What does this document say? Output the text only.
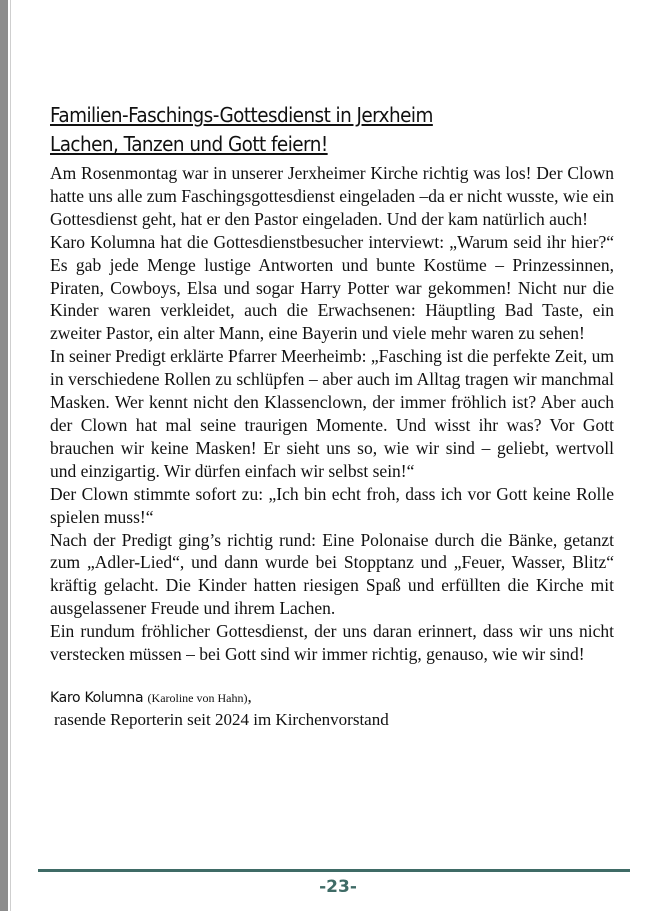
Familien-Faschings-Gottesdienst in Jerxheim
Lachen, Tanzen und Gott feiern!

Am Rosenmontag war in unserer Jerxheimer Kirche richtig was los! Der Clown hatte uns alle zum Faschingsgottesdienst eingeladen –da er nicht wusste, wie ein Gottesdienst geht, hat er den Pastor eingeladen. Und der kam natürlich auch!

Karo Kolumna hat die Gottesdienstbesucher interviewt: „Warum seid ihr hier?“ Es gab jede Menge lustige Antworten und bunte Kostüme – Prinzessinnen, Piraten, Cowboys, Elsa und sogar Harry Potter war gekommen! Nicht nur die Kinder waren verkleidet, auch die Erwachsenen: Häuptling Bad Taste, ein zweiter Pastor, ein alter Mann, eine Bayerin und viele mehr waren zu sehen!

In seiner Predigt erklärte Pfarrer Meerheimb: „Fasching ist die perfekte Zeit, um in verschiedene Rollen zu schlüpfen – aber auch im Alltag tragen wir manchmal Masken. Wer kennt nicht den Klassenclown, der immer fröhlich ist? Aber auch der Clown hat mal seine traurigen Momente. Und wisst ihr was? Vor Gott brauchen wir keine Masken! Er sieht uns so, wie wir sind – geliebt, wertvoll und einzigartig. Wir dürfen einfach wir selbst sein!“

Der Clown stimmte sofort zu: „Ich bin echt froh, dass ich vor Gott keine Rolle spielen muss!“

Nach der Predigt ging’s richtig rund: Eine Polonaise durch die Bänke, getanzt zum „Adler-Lied“, und dann wurde bei Stopptanz und „Feuer, Wasser, Blitz“ kräftig gelacht. Die Kinder hatten riesigen Spaß und erfüllten die Kirche mit ausgelassener Freude und ihrem Lachen.

Ein rundum fröhlicher Gottesdienst, der uns daran erinnert, dass wir uns nicht verstecken müssen – bei Gott sind wir immer richtig, genauso, wie wir sind!

Karo Kolumna (Karoline von Hahn),
rasende Reporterin seit 2024 im Kirchenvorstand
-23-
